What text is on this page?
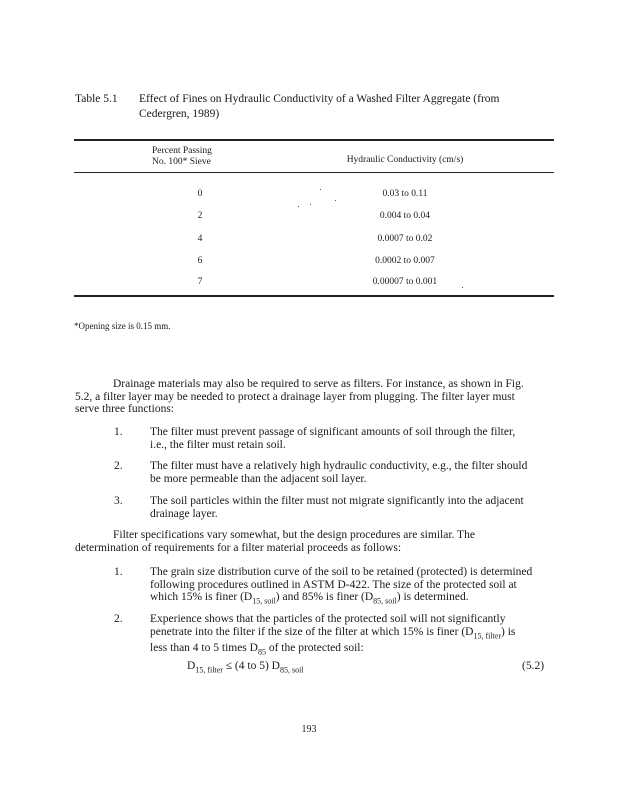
Table 5.1 Effect of Fines on Hydraulic Conductivity of a Washed Filter Aggregate (from Cedergren, 1989)
Percent Passing
No. 100* Sieve	Hydraulic Conductivity (cm/s)
0	0.03 to 0.11
2	0.004 to 0.04
4	0.0007 to 0.02
6	0.0002 to 0.007
7	0.00007 to 0.001
*Opening size is 0.15 mm.
Drainage materials may also be required to serve as filters. For instance, as shown in Fig.
5.2, a filter layer may be needed to protect a drainage layer from plugging. The filter layer must
serve three functions:
1.	The filter must prevent passage of significant amounts of soil through the filter,
i.e., the filter must retain soil.
2.	The filter must have a relatively high hydraulic conductivity, e.g., the filter should
be more permeable than the adjacent soil layer.
3.	The soil particles within the filter must not migrate significantly into the adjacent
drainage layer.
Filter specifications vary somewhat, but the design procedures are similar. The
determination of requirements for a filter material proceeds as follows:
1.	The grain size distribution curve of the soil to be retained (protected) is determined
following procedures outlined in ASTM D-422. The size of the protected soil at
which 15% is finer $(D_{15, soil})$ and 85% is finer $(D_{85, soil})$ is determined.
2.	Experience shows that the particles of the protected soil will not significantly
penetrate into the filter if the size of the filter at which 15% is finer $(D_{15, filter})$ is
less than 4 to 5 times $D_{85}$ of the protected soil:
$D_{15, filter} \le (4$ to 5) $D_{85, soil}$	(5.2)
193
